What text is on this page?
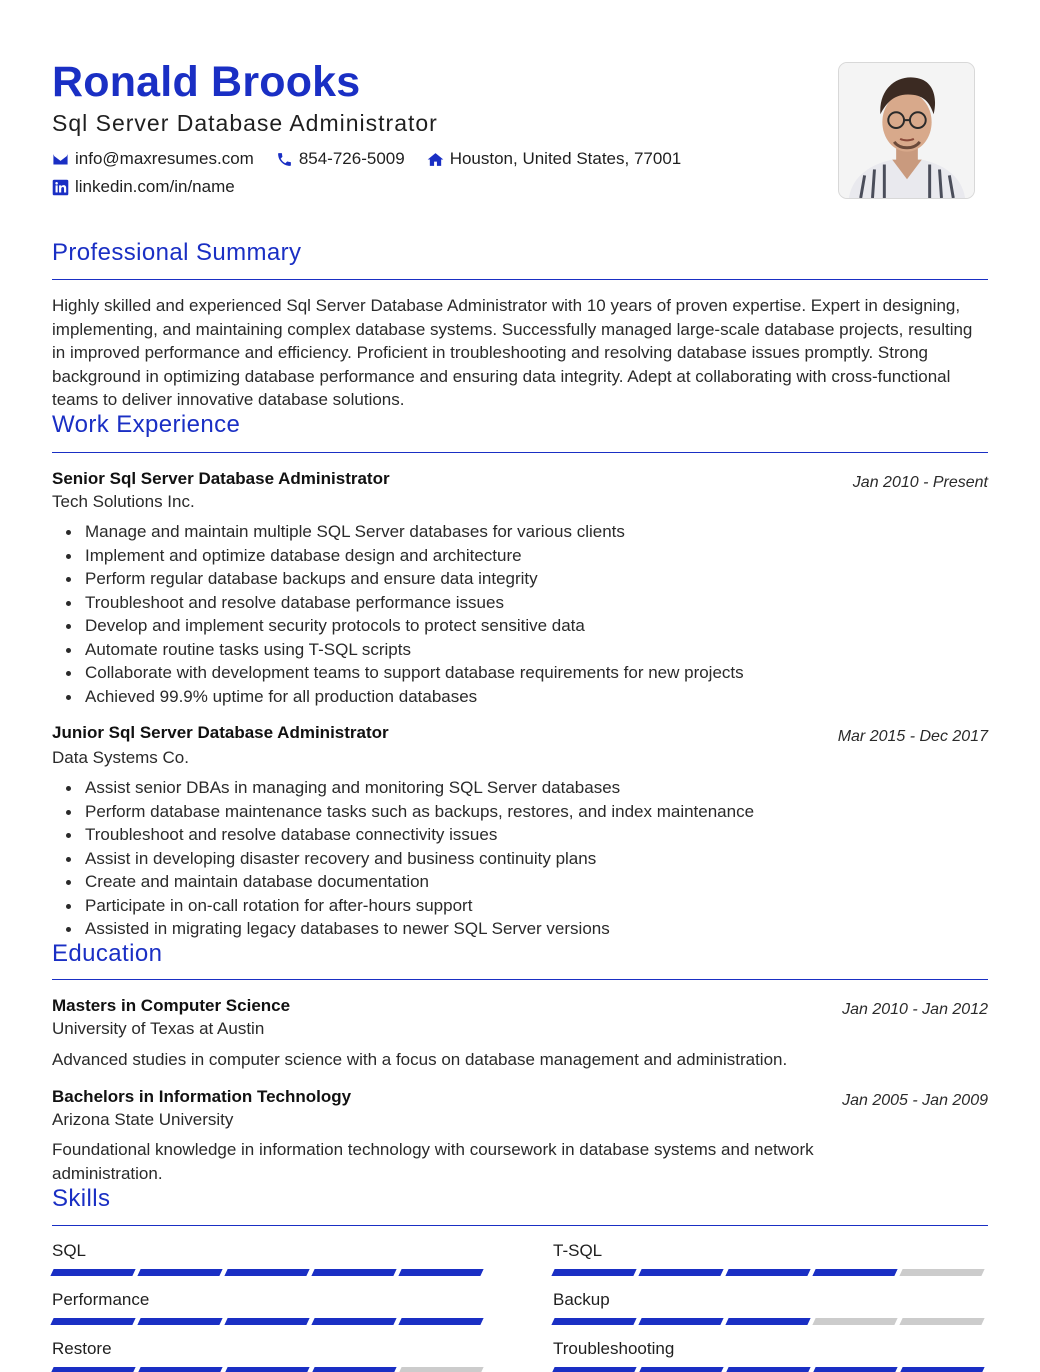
Ronald Brooks
Sql Server Database Administrator
info@maxresumes.com	854-726-5009	Houston, United States, 77001
linkedin.com/in/name
Professional Summary
Highly skilled and experienced Sql Server Database Administrator with 10 years of proven expertise. Expert in designing, implementing, and maintaining complex database systems. Successfully managed large-scale database projects, resulting in improved performance and efficiency. Proficient in troubleshooting and resolving database issues promptly. Strong background in optimizing database performance and ensuring data integrity. Adept at collaborating with cross-functional teams to deliver innovative database solutions.
Work Experience
Senior Sql Server Database Administrator	Jan 2010 - Present
Tech Solutions Inc.
Manage and maintain multiple SQL Server databases for various clients
Implement and optimize database design and architecture
Perform regular database backups and ensure data integrity
Troubleshoot and resolve database performance issues
Develop and implement security protocols to protect sensitive data
Automate routine tasks using T-SQL scripts
Collaborate with development teams to support database requirements for new projects
Achieved 99.9% uptime for all production databases
Junior Sql Server Database Administrator	Mar 2015 - Dec 2017
Data Systems Co.
Assist senior DBAs in managing and monitoring SQL Server databases
Perform database maintenance tasks such as backups, restores, and index maintenance
Troubleshoot and resolve database connectivity issues
Assist in developing disaster recovery and business continuity plans
Create and maintain database documentation
Participate in on-call rotation for after-hours support
Assisted in migrating legacy databases to newer SQL Server versions
Education
Masters in Computer Science	Jan 2010 - Jan 2012
University of Texas at Austin
Advanced studies in computer science with a focus on database management and administration.
Bachelors in Information Technology	Jan 2005 - Jan 2009
Arizona State University
Foundational knowledge in information technology with coursework in database systems and network administration.
Skills
SQL	T-SQL
Performance	Backup
Restore	Troubleshooting
